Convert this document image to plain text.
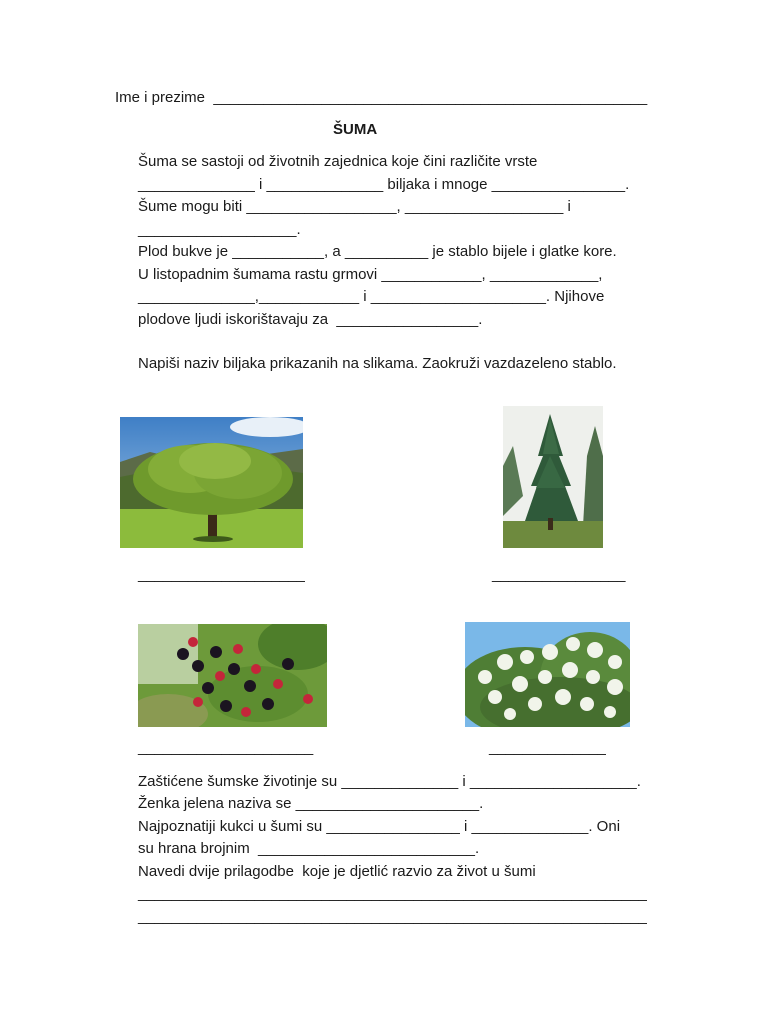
Ime i prezime  ____________________________________________________
ŠUMA
Šuma se sastoji od životnih zajednica koje čini različite vrste
______________ i ______________ biljaka i mnoge ________________.
Šume mogu biti __________________, ___________________ i
___________________.
Plod bukve je ___________, a __________ je stablo bijele i glatke kore.
U listopadnim šumama rastu grmovi ____________, _____________,
______________,____________ i _____________________. Njihove
plodove ljudi iskorištavaju za  _________________.
Napiši naziv biljaka prikazanih na slikama. Zaokruži vazdazeleno stablo.
____________________	________________
_____________________	______________
Zaštićene šumske životinje su ______________ i ____________________.
Ženka jelena naziva se ______________________.
Najpoznatiji kukci u šumi su ________________ i ______________. Oni
su hrana brojnim  __________________________.
Navedi dvije prilagodbe  koje je djetlić razvio za život u šumi
_____________________________________________________________
_____________________________________________________________
